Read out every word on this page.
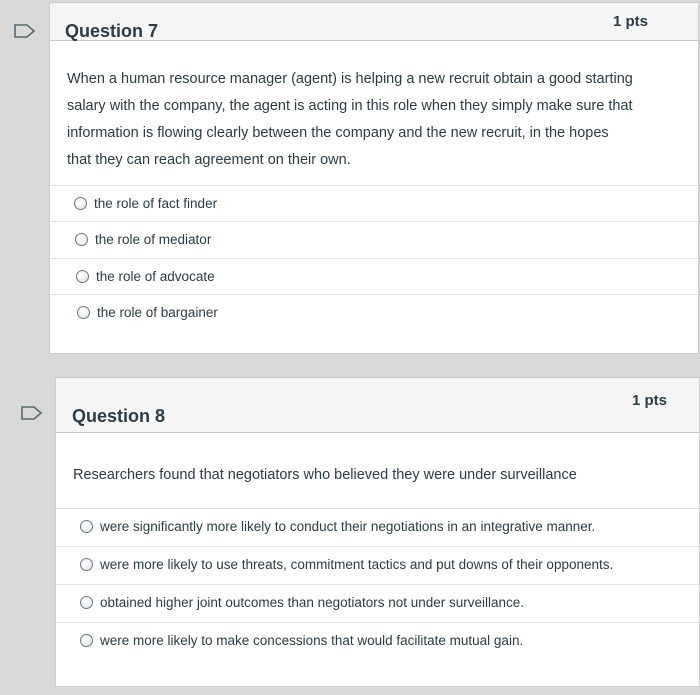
Question 7	1 pts
When a human resource manager (agent) is helping a new recruit obtain a good starting
salary with the company, the agent is acting in this role when they simply make sure that
information is flowing clearly between the company and the new recruit, in the hopes
that they can reach agreement on their own.
the role of fact finder
the role of mediator
the role of advocate
the role of bargainer
Question 8
1 pts
Researchers found that negotiators who believed they were under surveillance
were significantly more likely to conduct their negotiations in an integrative manner.
were more likely to use threats, commitment tactics and put downs of their opponents.
obtained higher joint outcomes than negotiators not under surveillance.
were more likely to make concessions that would facilitate mutual gain.
